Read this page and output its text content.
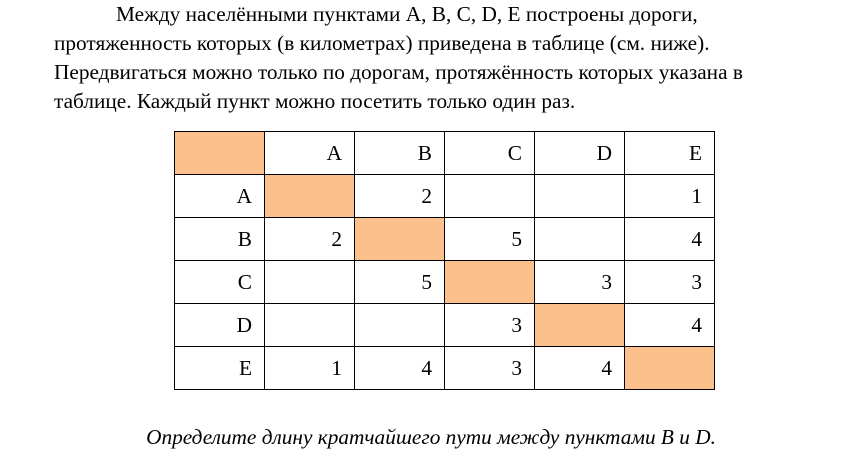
Между населёнными пунктами A, B, C, D, E построены дороги,
протяженность которых (в километрах) приведена в таблице (см. ниже).
Передвигаться можно только по дорогам, протяжённость которых указана в
таблице. Каждый пункт можно посетить только один раз.
	A	B	C	D	E
A		2			1
B	2		5		4
C		5		3	3
D			3		4
E	1	4	3	4	

Определите длину кратчайшего пути между пунктами B и D.
